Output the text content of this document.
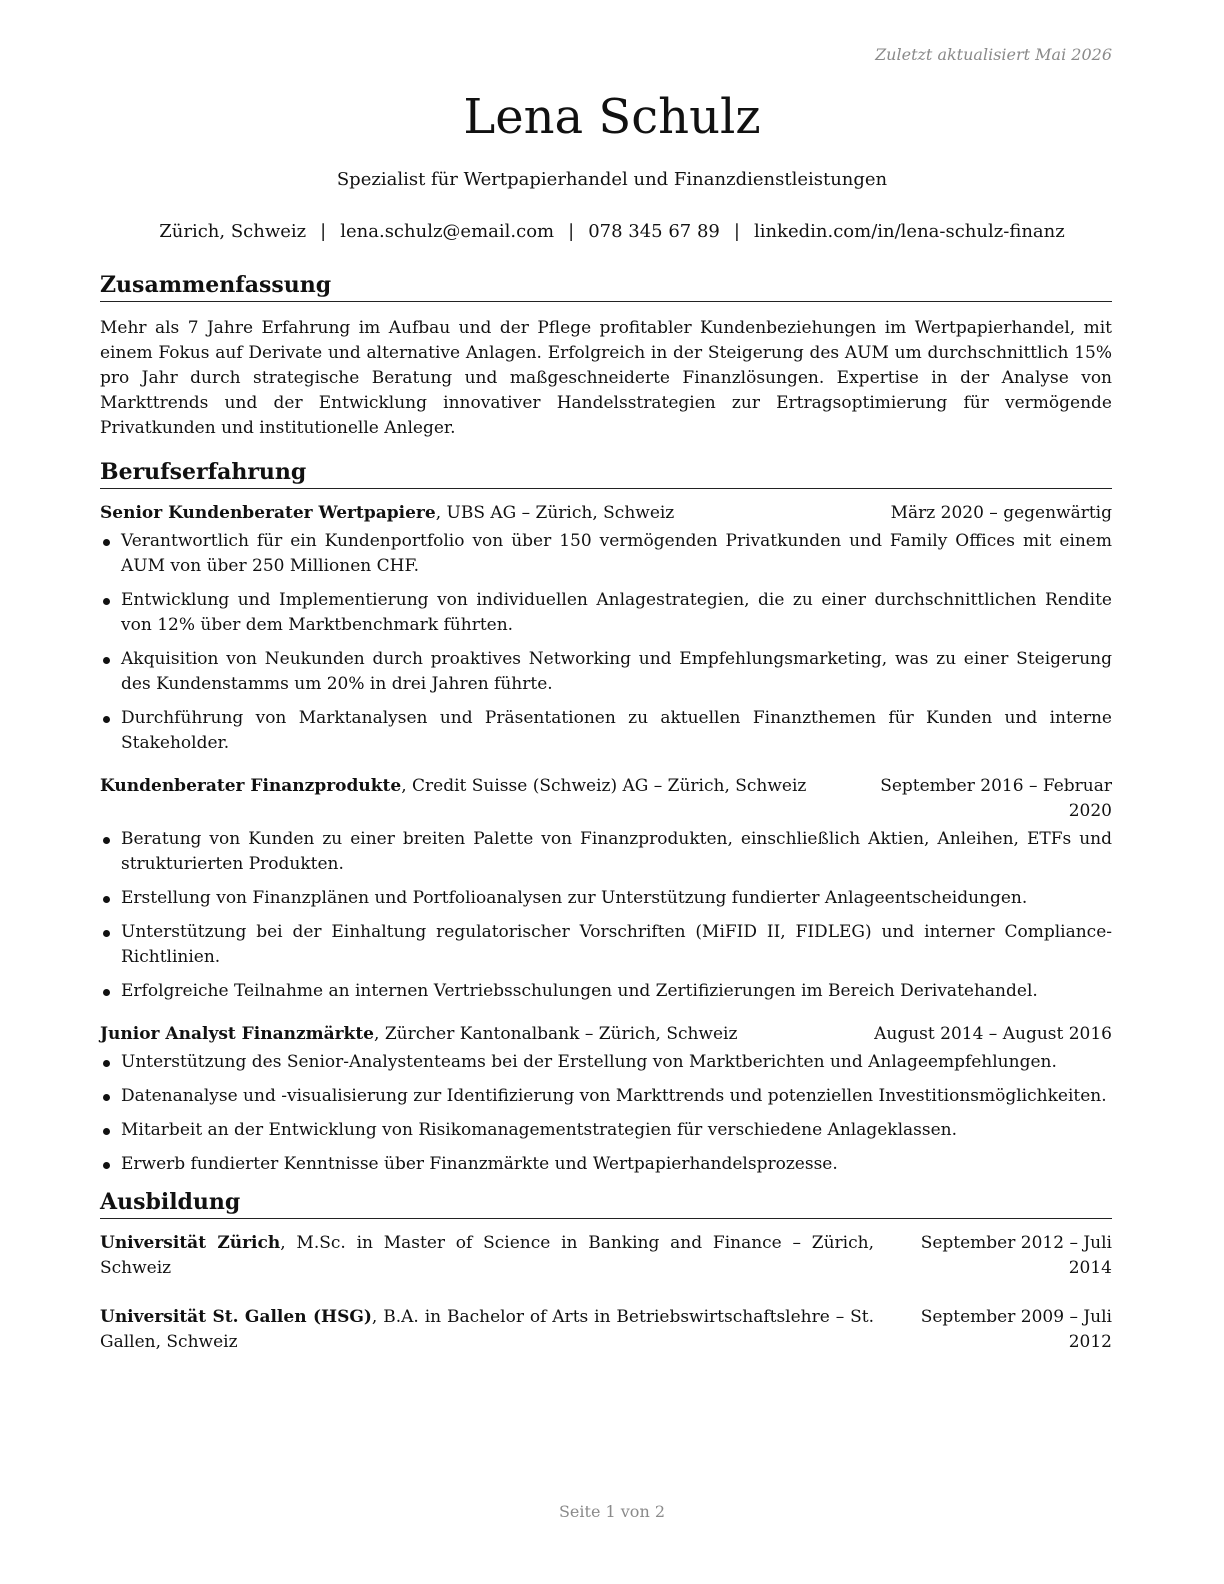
Zuletzt aktualisiert Mai 2026
Lena Schulz
Spezialist für Wertpapierhandel und Finanzdienstleistungen
Zürich, Schweiz | lena.schulz@email.com | 078 345 67 89 | linkedin.com/in/lena-schulz-finanz
Zusammenfassung

Mehr als 7 Jahre Erfahrung im Aufbau und der Pflege profitabler Kundenbeziehungen im Wertpapierhandel, mit einem Fokus auf Derivate und alternative Anlagen. Erfolgreich in der Steigerung des AUM um durchschnittlich 15% pro Jahr durch strategische Beratung und maßgeschneiderte Finanzlösungen. Expertise in der Analyse von Markttrends und der Entwicklung innovativer Handelsstrategien zur Ertragsoptimierung für vermögende Privatkunden und institutionelle Anleger.

Berufserfahrung
Senior Kundenberater Wertpapiere, UBS AG – Zürich, Schweiz	März 2020 – gegenwärtig
Verantwortlich für ein Kundenportfolio von über 150 vermögenden Privatkunden und Family Offices mit einem AUM von über 250 Millionen CHF.
Entwicklung und Implementierung von individuellen Anlagestrategien, die zu einer durchschnittlichen Rendite von 12% über dem Marktbenchmark führten.
Akquisition von Neukunden durch proaktives Networking und Empfehlungsmarketing, was zu einer Steigerung des Kundenstamms um 20% in drei Jahren führte.
Durchführung von Marktanalysen und Präsentationen zu aktuellen Finanzthemen für Kunden und interne Stakeholder.
Kundenberater Finanzprodukte, Credit Suisse (Schweiz) AG – Zürich, Schweiz	September 2016 – Februar 2020
Beratung von Kunden zu einer breiten Palette von Finanzprodukten, einschließlich Aktien, Anleihen, ETFs und strukturierten Produkten.
Erstellung von Finanzplänen und Portfolioanalysen zur Unterstützung fundierter Anlageentscheidungen.
Unterstützung bei der Einhaltung regulatorischer Vorschriften (MiFID II, FIDLEG) und interner Compliance-Richtlinien.
Erfolgreiche Teilnahme an internen Vertriebsschulungen und Zertifizierungen im Bereich Derivatehandel.
Junior Analyst Finanzmärkte, Zürcher Kantonalbank – Zürich, Schweiz	August 2014 – August 2016
Unterstützung des Senior-Analystenteams bei der Erstellung von Marktberichten und Anlageempfehlungen.
Datenanalyse und -visualisierung zur Identifizierung von Markttrends und potenziellen Investitionsmöglichkeiten.
Mitarbeit an der Entwicklung von Risikomanagementstrategien für verschiedene Anlageklassen.
Erwerb fundierter Kenntnisse über Finanzmärkte und Wertpapierhandelsprozesse.
Ausbildung
Universität Zürich, M.Sc. in Master of Science in Banking and Finance – Zürich, Schweiz
September 2012 – Juli 2014
Universität St. Gallen (HSG), B.A. in Bachelor of Arts in Betriebswirtschaftslehre – St. Gallen, Schweiz
September 2009 – Juli 2012
Seite 1 von 2
